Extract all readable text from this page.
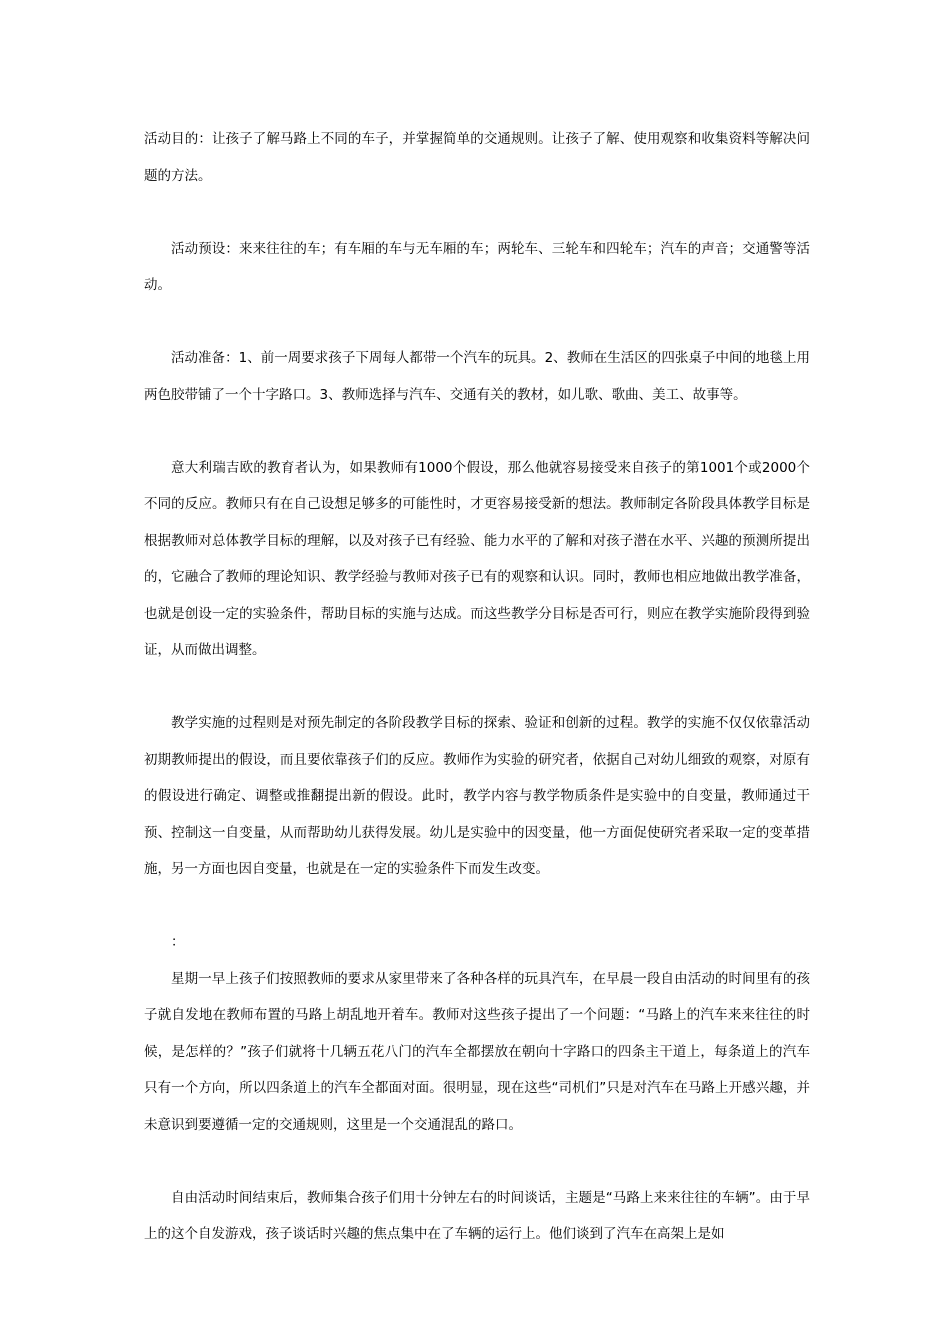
活动目的：让孩子了解马路上不同的车子，并掌握简单的交通规则。让孩子了解、使用观察和收集资料等解决问题的方法。

活动预设：来来往往的车；有车厢的车与无车厢的车；两轮车、三轮车和四轮车；汽车的声音；交通警等活动。

活动准备：1、前一周要求孩子下周每人都带一个汽车的玩具。2、教师在生活区的四张桌子中间的地毯上用两色胶带铺了一个十字路口。3、教师选择与汽车、交通有关的教材，如儿歌、歌曲、美工、故事等。

意大利瑞吉欧的教育者认为，如果教师有1000个假设，那么他就容易接受来自孩子的第1001个或2000个不同的反应。教师只有在自己设想足够多的可能性时，才更容易接受新的想法。教师制定各阶段具体教学目标是根据教师对总体教学目标的理解，以及对孩子已有经验、能力水平的了解和对孩子潜在水平、兴趣的预测所提出的，它融合了教师的理论知识、教学经验与教师对孩子已有的观察和认识。同时，教师也相应地做出教学准备，也就是创设一定的实验条件，帮助目标的实施与达成。而这些教学分目标是否可行，则应在教学实施阶段得到验证，从而做出调整。

教学实施的过程则是对预先制定的各阶段教学目标的探索、验证和创新的过程。教学的实施不仅仅依靠活动初期教师提出的假设，而且要依靠孩子们的反应。教师作为实验的研究者，依据自己对幼儿细致的观察，对原有的假设进行确定、调整或推翻提出新的假设。此时，教学内容与教学物质条件是实验中的自变量，教师通过干预、控制这一自变量，从而帮助幼儿获得发展。幼儿是实验中的因变量，他一方面促使研究者采取一定的变革措施，另一方面也因自变量，也就是在一定的实验条件下而发生改变。

：

星期一早上孩子们按照教师的要求从家里带来了各种各样的玩具汽车，在早晨一段自由活动的时间里有的孩子就自发地在教师布置的马路上胡乱地开着车。教师对这些孩子提出了一个问题：“马路上的汽车来来往往的时候，是怎样的？”孩子们就将十几辆五花八门的汽车全都摆放在朝向十字路口的四条主干道上，每条道上的汽车只有一个方向，所以四条道上的汽车全都面对面。很明显，现在这些“司机们”只是对汽车在马路上开感兴趣，并未意识到要遵循一定的交通规则，这里是一个交通混乱的路口。

自由活动时间结束后，教师集合孩子们用十分钟左右的时间谈话，主题是“马路上来来往往的车辆”。由于早上的这个自发游戏，孩子谈话时兴趣的焦点集中在了车辆的运行上。他们谈到了汽车在高架上是如
